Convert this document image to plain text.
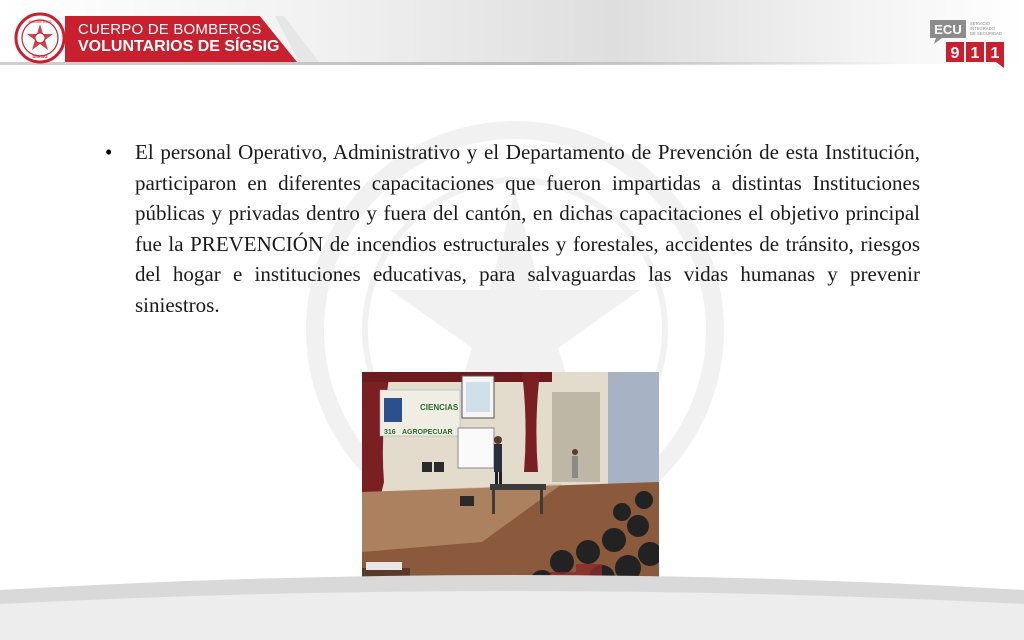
BOMBEROS
SÍGSIG
CUERPO DE BOMBEROS
VOLUNTARIOS DE SÍGSIG
ECU SERVICIO
INTEGRADO
DE SEGURIDAD
9 1 1
• El personal Operativo, Administrativo y el Departamento de Prevención de esta Institución, participaron en diferentes capacitaciones que fueron impartidas a distintas Instituciones públicas y privadas dentro y fuera del cantón, en dichas capacitaciones el objetivo principal fue la PREVENCIÓN de incendios estructurales y forestales, accidentes de tránsito, riesgos del hogar e instituciones educativas, para salvaguardas las vidas humanas y prevenir siniestros.
CIENCIAS
316 AGROPECUAR
